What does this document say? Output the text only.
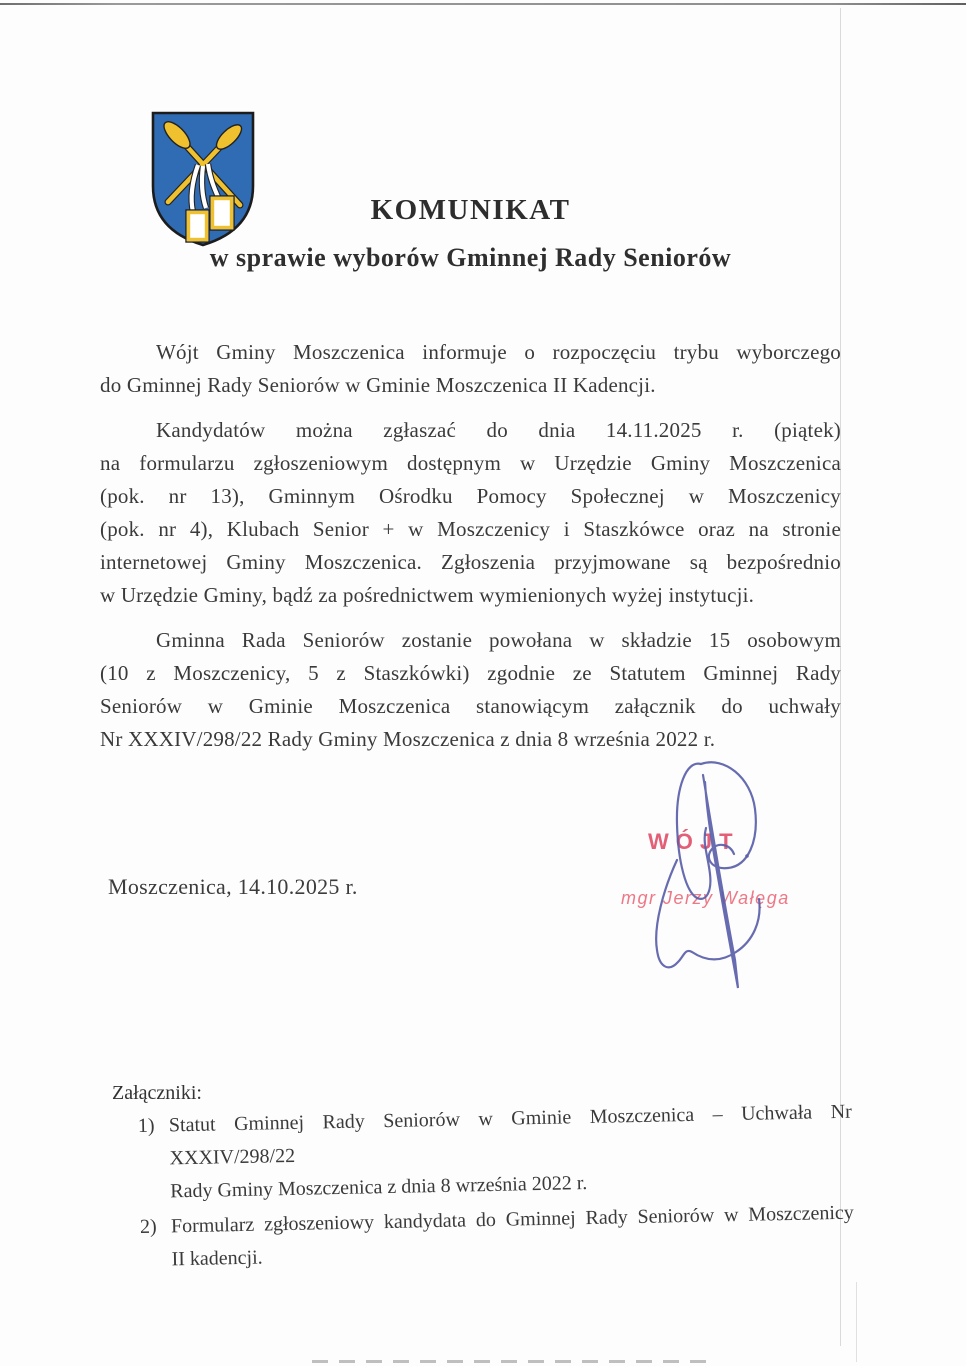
KOMUNIKAT
w sprawie wyborów Gminnej Rady Seniorów

Wójt Gminy Moszczenica informuje o rozpoczęciu trybu wyborczego
do Gminnej Rady Seniorów w Gminie Moszczenica II Kadencji.

Kandydatów można zgłaszać do dnia 14.11.2025 r. (piątek)
na formularzu zgłoszeniowym dostępnym w Urzędzie Gminy Moszczenica
(pok. nr 13), Gminnym Ośrodku Pomocy Społecznej w Moszczenicy
(pok. nr 4), Klubach Senior + w Moszczenicy i Staszkówce oraz na stronie
internetowej Gminy Moszczenica. Zgłoszenia przyjmowane są bezpośrednio
w Urzędzie Gminy, bądź za pośrednictwem wymienionych wyżej instytucji.

Gminna Rada Seniorów zostanie powołana w składzie 15 osobowym
(10 z Moszczenicy, 5 z Staszkówki) zgodnie ze Statutem Gminnej Rady
Seniorów w Gminie Moszczenica stanowiącym załącznik do uchwały
Nr XXXIV/298/22 Rady Gminy Moszczenica z dnia 8 września 2022 r.

Moszczenica, 14.10.2025 r.
WÓJT
mgr Jerzy Wałęga
Załączniki:
1) Statut Gminnej Rady Seniorów w Gminie Moszczenica – Uchwała Nr XXXIV/298/22
Rady Gminy Moszczenica z dnia 8 września 2022 r.
2) Formularz zgłoszeniowy kandydata do Gminnej Rady Seniorów w Moszczenicy
II kadencji.
